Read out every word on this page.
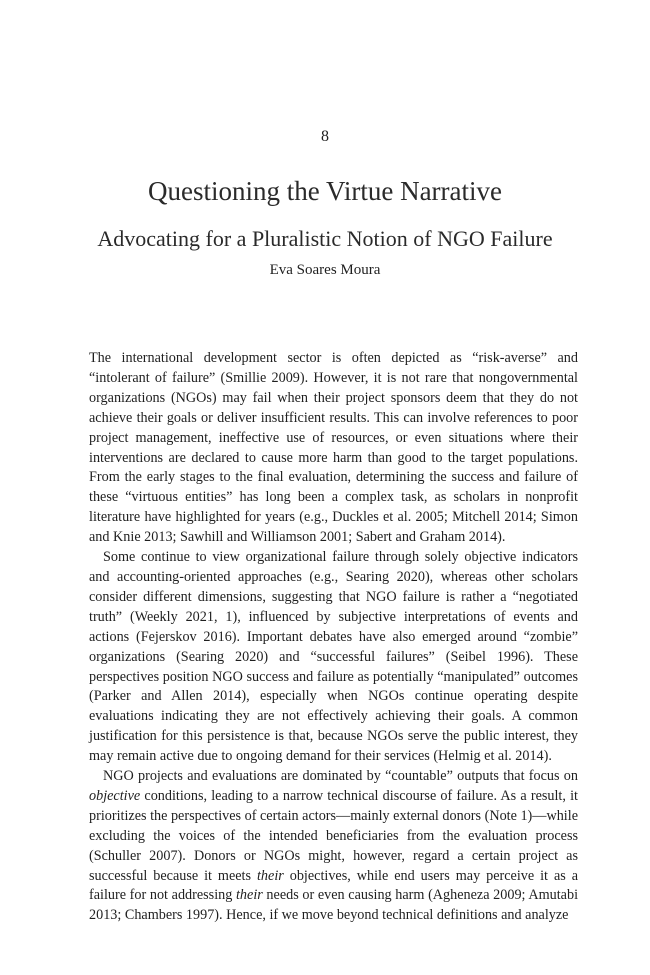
8
Questioning the Virtue Narrative
Advocating for a Pluralistic Notion of NGO Failure
Eva Soares Moura

The international development sector is often depicted as “risk-averse” and “intolerant of failure” (Smillie 2009). However, it is not rare that nongovernmental organizations (NGOs) may fail when their project sponsors deem that they do not achieve their goals or deliver insufficient results. This can involve references to poor project management, ineffective use of resources, or even situations where their interventions are declared to cause more harm than good to the target populations. From the early stages to the final evaluation, determining the success and failure of these “virtuous entities” has long been a complex task, as scholars in nonprofit literature have highlighted for years (e.g., Duckles et al. 2005; Mitchell 2014; Simon and Knie 2013; Sawhill and Williamson 2001; Sabert and Graham 2014).

Some continue to view organizational failure through solely objective indicators and accounting-oriented approaches (e.g., Searing 2020), whereas other scholars consider different dimensions, suggesting that NGO failure is rather a “negotiated truth” (Weekly 2021, 1), influenced by subjective interpretations of events and actions (Fejerskov 2016). Important debates have also emerged around “zombie” organizations (Searing 2020) and “successful failures” (Seibel 1996). These perspectives position NGO success and failure as potentially “manipulated” outcomes (Parker and Allen 2014), especially when NGOs continue operating despite evaluations indicating they are not effectively achieving their goals. A common justification for this persistence is that, because NGOs serve the public interest, they may remain active due to ongoing demand for their services (Helmig et al. 2014).

NGO projects and evaluations are dominated by “countable” outputs that focus on objective conditions, leading to a narrow technical discourse of failure. As a result, it prioritizes the perspectives of certain actors—mainly external donors (Note 1)—while excluding the voices of the intended beneficiaries from the evaluation process (Schuller 2007). Donors or NGOs might, however, regard a certain project as successful because it meets their objectives, while end users may perceive it as a failure for not addressing their needs or even causing harm (Agheneza 2009; Amutabi 2013; Chambers 1997). Hence, if we move beyond technical definitions and analyze
